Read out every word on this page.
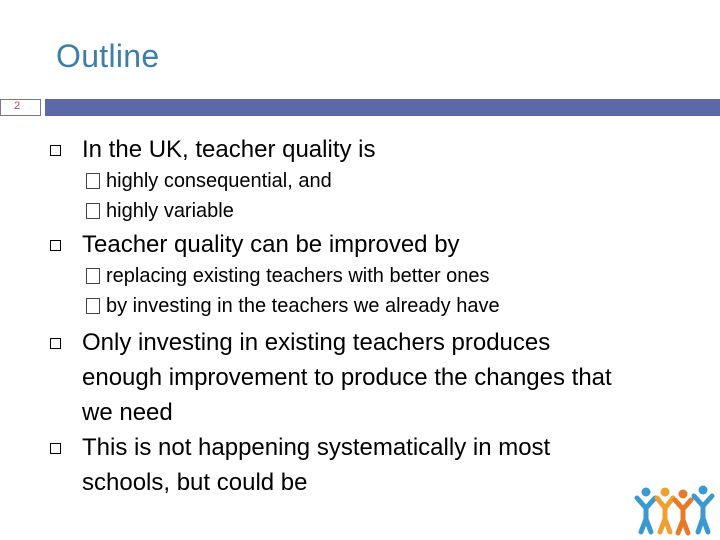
Outline
2
In the UK, teacher quality is
highly consequential, and
highly variable
Teacher quality can be improved by
replacing existing teachers with better ones
by investing in the teachers we already have
Only investing in existing teachers produces
enough improvement to produce the changes that
we need
This is not happening systematically in most
schools, but could be
